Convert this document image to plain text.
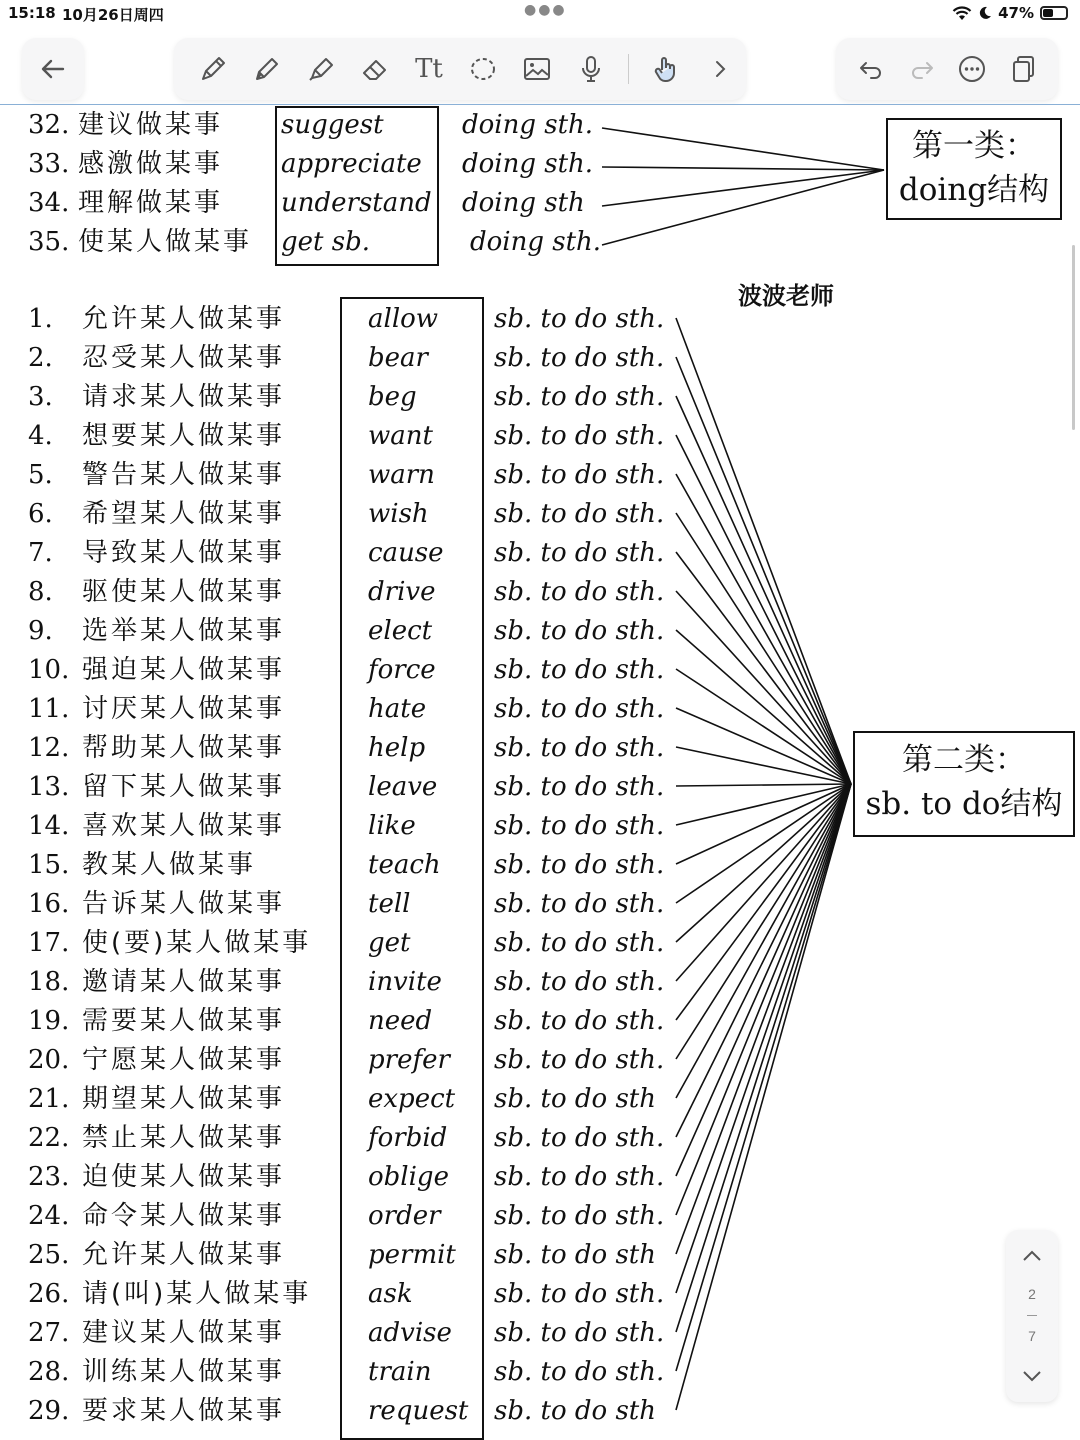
15:18 10月26日周四	●●●	47%
Tt
32. 建议做某事 suggest	doing sth.
33. 感激做某事 appreciate doing sth.
34. 理解做某事 understand doing sth
35. 使某人做某事 get sb.	doing sth.
第一类：
doing结构
波波老师
1. 允许某人做某事	allow sb. to do sth.
2. 忍受某人做某事	bear	sb. to do sth.
3. 请求某人做某事	beg	sb. to do sth.
4. 想要某人做某事	want sb. to do sth.
5. 警告某人做某事	warn sb. to do sth.
6. 希望某人做某事	wish	sb. to do sth.
7. 导致某人做某事	cause sb. to do sth.
8. 驱使某人做某事	drive sb. to do sth.
9. 选举某人做某事	elect sb. to do sth.
10. 强迫某人做某事	force sb. to do sth.
11. 讨厌某人做某事	hate	sb. to do sth.
12. 帮助某人做某事	help	sb. to do sth.
13. 留下某人做某事	leave sb. to do sth.
14. 喜欢某人做某事	like	sb. to do sth.
15. 教某人做某事	teach sb. to do sth.
16. 告诉某人做某事	tell	sb. to do sth.
17. 使(要)某人做某事 get	sb. to do sth.
18. 邀请某人做某事	invite sb. to do sth.
19. 需要某人做某事	need sb. to do sth.
20. 宁愿某人做某事	prefer sb. to do sth.
21. 期望某人做某事	expect sb. to do sth
22. 禁止某人做某事	forbid sb. to do sth.
23. 迫使某人做某事	oblige sb. to do sth.
24. 命令某人做某事	order sb. to do sth.
25. 允许某人做某事	permit sb. to do sth
26. 请(叫)某人做某事 ask	sb. to do sth.
27. 建议某人做某事	advise sb. to do sth.
28. 训练某人做某事	train sb. to do sth.
29. 要求某人做某事	request sb. to do sth
第二类：
sb. to do结构
2
7
